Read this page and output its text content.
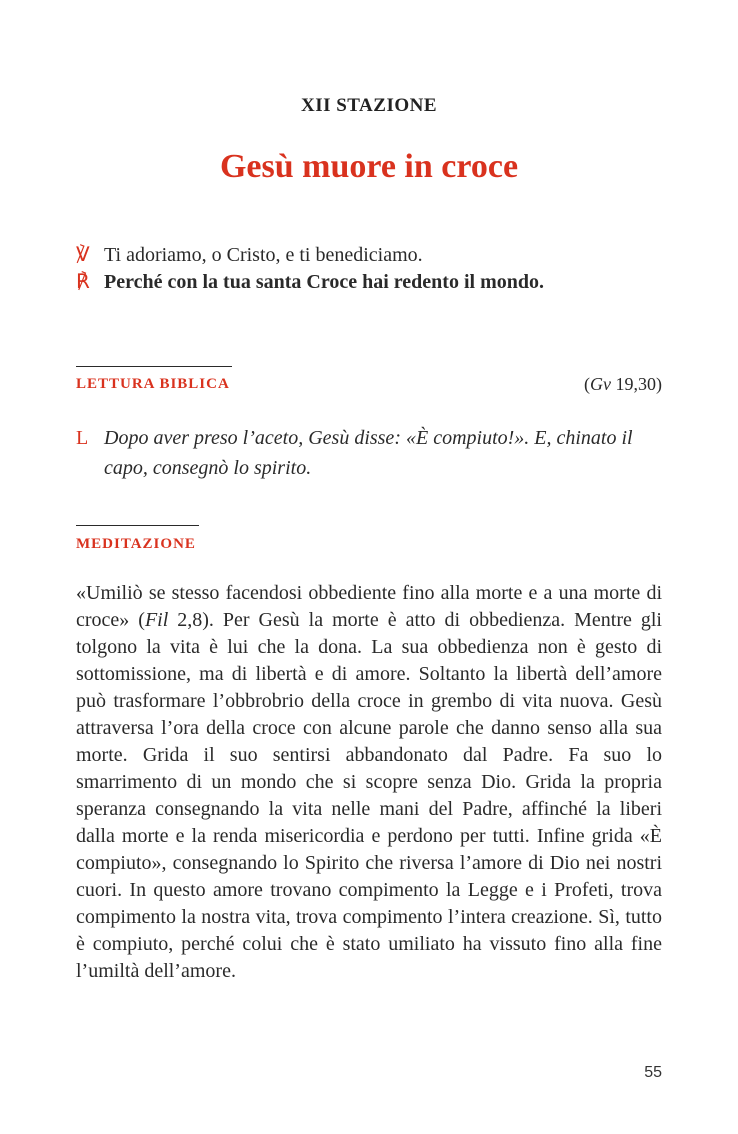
XII STAZIONE
Gesù muore in croce
℣ Ti adoriamo, o Cristo, e ti benediciamo.
℟ Perché con la tua santa Croce hai redento il mondo.
LETTURA BIBLICA	(Gv 19,30)
L Dopo aver preso l’aceto, Gesù disse: «È compiuto!». E, chinato il capo, consegnò lo spirito.
MEDITAZIONE
«Umiliò se stesso facendosi obbediente fino alla morte e a una morte di croce» (Fil 2,8). Per Gesù la morte è atto di obbedienza. Mentre gli tolgono la vita è lui che la dona. La sua obbedienza non è gesto di sottomissione, ma di libertà e di amore. Soltanto la libertà dell’amore può trasformare l’obbrobrio della croce in grembo di vita nuova. Gesù attraversa l’ora della croce con alcune parole che danno senso alla sua morte. Grida il suo sentirsi abbandonato dal Padre. Fa suo lo smarrimento di un mondo che si scopre senza Dio. Grida la propria speranza consegnando la vita nelle mani del Padre, affinché la liberi dalla morte e la renda misericordia e perdono per tutti. Infine grida «È compiuto», consegnando lo Spirito che riversa l’amore di Dio nei nostri cuori. In questo amore trovano compimento la Legge e i Profeti, trova compimento la nostra vita, trova compimento l’intera creazione. Sì, tutto è compiuto, perché colui che è stato umiliato ha vissuto fino alla fine l’umiltà dell’amore.
55
